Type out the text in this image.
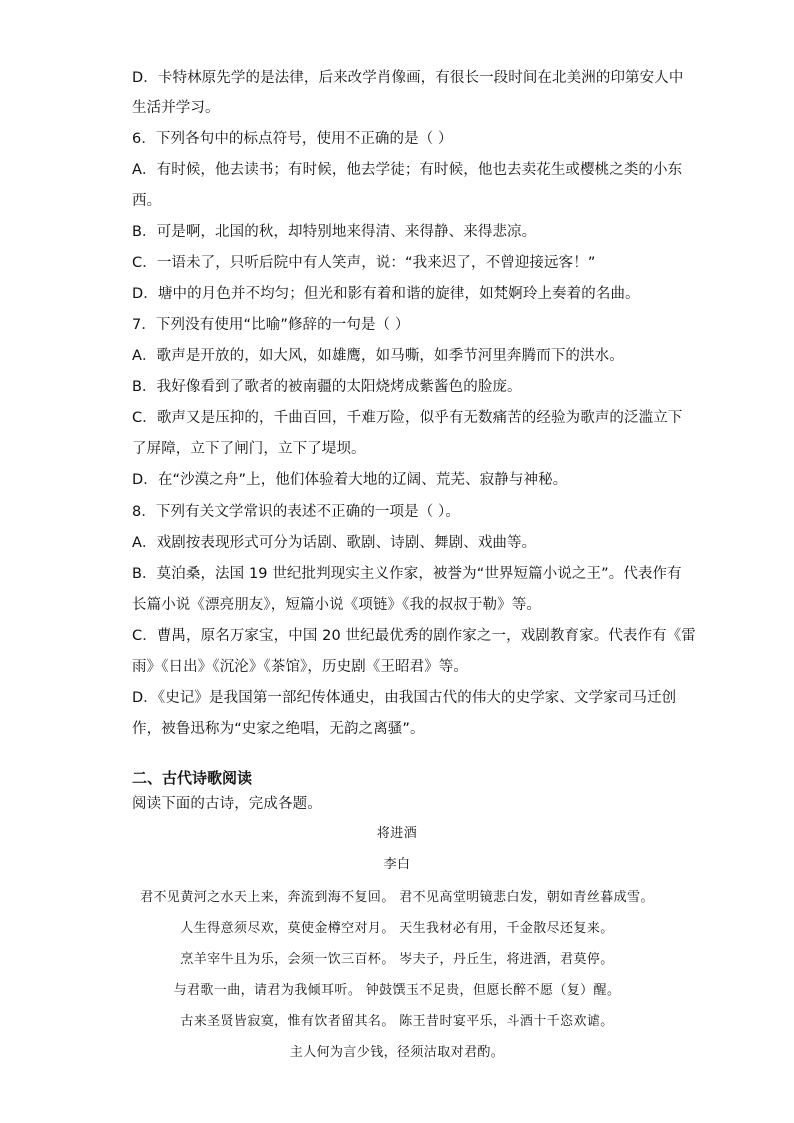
D．卡特林原先学的是法律，后来改学肖像画，有很长一段时间在北美洲的印第安人中
生活并学习。
6．下列各句中的标点符号，使用不正确的是（ ）
A．有时候，他去读书；有时候，他去学徒；有时候，他也去卖花生或樱桃之类的小东
西。
B．可是啊，北国的秋，却特别地来得清、来得静、来得悲凉。
C．一语未了，只听后院中有人笑声，说：“我来迟了，不曾迎接远客！”
D．塘中的月色并不均匀；但光和影有着和谐的旋律，如梵婀玲上奏着的名曲。
7．下列没有使用“比喻”修辞的一句是（ ）
A．歌声是开放的，如大风，如雄鹰，如马嘶，如季节河里奔腾而下的洪水。
B．我好像看到了歌者的被南疆的太阳烧烤成紫酱色的脸庞。
C．歌声又是压抑的，千曲百回，千难万险，似乎有无数痛苦的经验为歌声的泛滥立下
了屏障，立下了闸门，立下了堤坝。
D．在“沙漠之舟”上，他们体验着大地的辽阔、荒芜、寂静与神秘。
8．下列有关文学常识的表述不正确的一项是（ ）。
A．戏剧按表现形式可分为话剧、歌剧、诗剧、舞剧、戏曲等。
B．莫泊桑，法国 19 世纪批判现实主义作家，被誉为“世界短篇小说之王”。代表作有
长篇小说《漂亮朋友》，短篇小说《项链》《我的叔叔于勒》等。
C．曹禺，原名万家宝，中国 20 世纪最优秀的剧作家之一，戏剧教育家。代表作有《雷
雨》《日出》《沉沦》《茶馆》，历史剧《王昭君》等。
D．《史记》是我国第一部纪传体通史，由我国古代的伟大的史学家、文学家司马迁创
作，被鲁迅称为“史家之绝唱，无韵之离骚”。
二、古代诗歌阅读
阅读下面的古诗，完成各题。
将进酒
李白
君不见黄河之水天上来，奔流到海不复回。 君不见高堂明镜悲白发，朝如青丝暮成雪。
人生得意须尽欢，莫使金樽空对月。 天生我材必有用，千金散尽还复来。
烹羊宰牛且为乐，会须一饮三百杯。 岑夫子，丹丘生，将进酒，君莫停。
与君歌一曲，请君为我倾耳听。 钟鼓馔玉不足贵，但愿长醉不愿（复）醒。
古来圣贤皆寂寞，惟有饮者留其名。 陈王昔时宴平乐，斗酒十千恣欢谑。
主人何为言少钱，径须沽取对君酌。
